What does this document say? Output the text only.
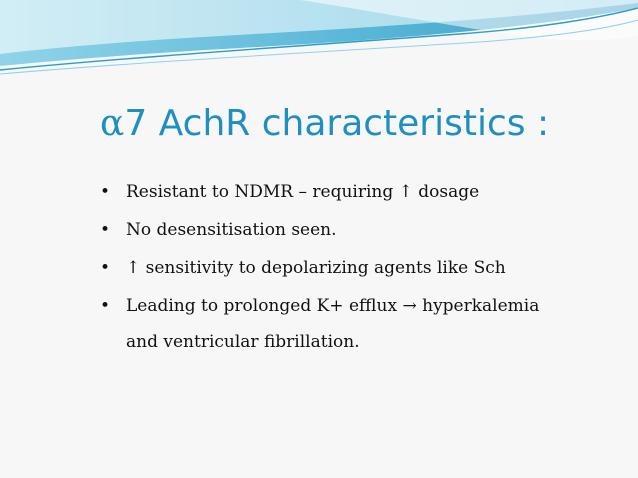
α7 AchR characteristics :
• Resistant to NDMR – requiring ↑ dosage
• No desensitisation seen.
• ↑ sensitivity to depolarizing agents like Sch
• Leading to prolonged K+ efflux → hyperkalemia
and ventricular fibrillation.
